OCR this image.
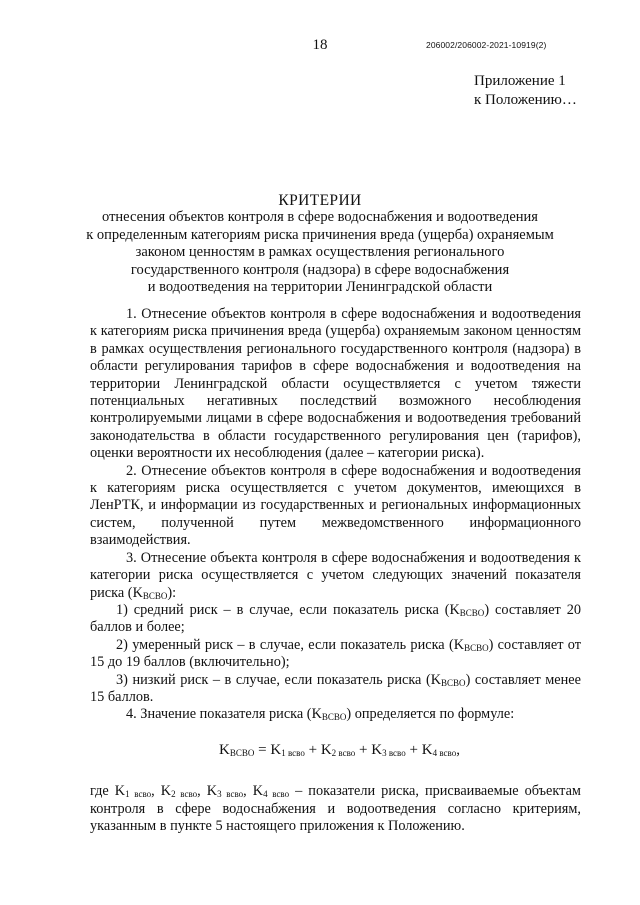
18	206002/206002-2021-10919(2)
Приложение 1
к Положению…
КРИТЕРИИ
отнесения объектов контроля в сфере водоснабжения и водоотведения
к определенным категориям риска причинения вреда (ущерба) охраняемым
законом ценностям в рамках осуществления регионального
государственного контроля (надзора) в сфере водоснабжения
и водоотведения на территории Ленинградской области

1. Отнесение объектов контроля в сфере водоснабжения и водоотведения к категориям риска причинения вреда (ущерба) охраняемым законом ценностям в рамках осуществления регионального государственного контроля (надзора) в области регулирования тарифов в сфере водоснабжения и водоотведения на территории Ленинградской области осуществляется с учетом тяжести потенциальных негативных последствий возможного несоблюдения контролируемыми лицами в сфере водоснабжения и водоотведения требований законодательства в области государственного регулирования цен (тарифов), оценки вероятности их несоблюдения (далее – категории риска).

2. Отнесение объектов контроля в сфере водоснабжения и водоотведения к категориям риска осуществляется с учетом документов, имеющихся в ЛенРТК, и информации из государственных и региональных информационных систем, полученной путем межведомственного информационного взаимодействия.

3. Отнесение объекта контроля в сфере водоснабжения и водоотведения к категории риска осуществляется с учетом следующих значений показателя риска $(K_{ВСВО})$:

1) средний риск – в случае, если показатель риска $(K_{ВСВО})$ составляет 20 баллов и более;

2) умеренный риск – в случае, если показатель риска $(K_{ВСВО})$ составляет от 15 до 19 баллов (включительно);

3) низкий риск – в случае, если показатель риска $(K_{ВСВО})$ составляет менее 15 баллов.

4. Значение показателя риска $(K_{ВСВО})$ определяется по формуле:

$K_{ВСВО} = K_{1 всво} + K_{2 всво} + K_{3 всво} + K_{4 всво}$,

где $K_{1 всво}$, $K_{2 всво}$, $K_{3 всво}$, $K_{4 всво}$ – показатели риска, присваиваемые объектам контроля в сфере водоснабжения и водоотведения согласно критериям, указанным в пункте 5 настоящего приложения к Положению.
